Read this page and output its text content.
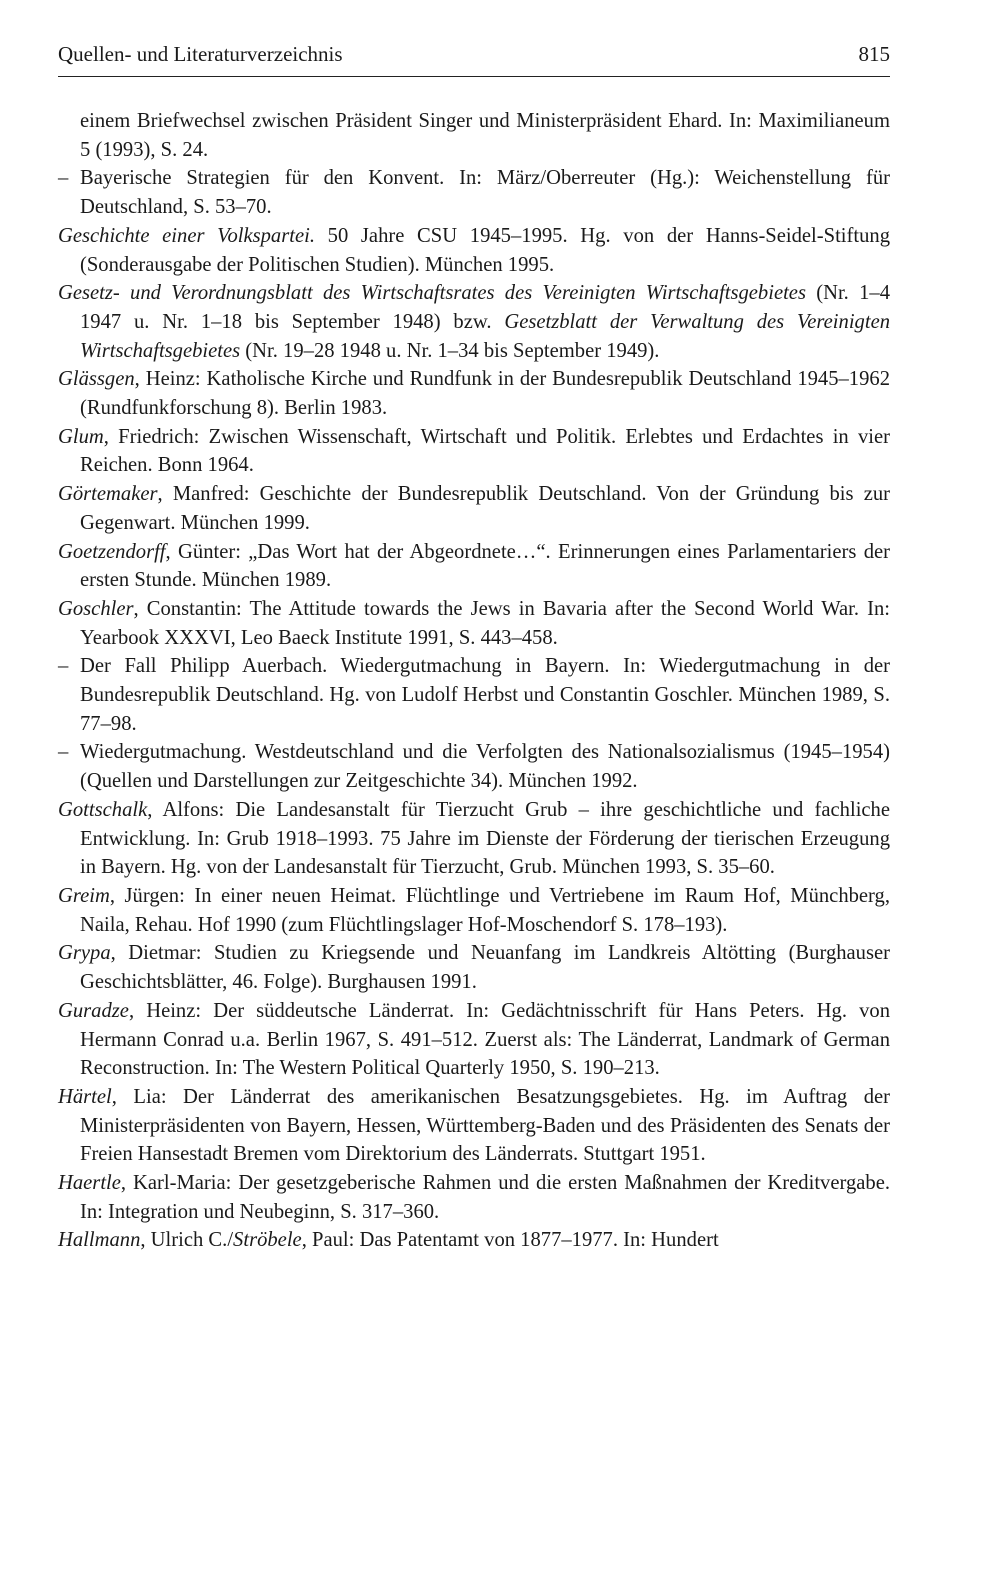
Quellen- und Literaturverzeichnis	815

einem Briefwechsel zwischen Präsident Singer und Ministerpräsident Ehard. In: Maximilianeum 5 (1993), S. 24.

– Bayerische Strategien für den Konvent. In: März/Oberreuter (Hg.): Weichenstellung für Deutschland, S. 53–70.

Geschichte einer Volkspartei. 50 Jahre CSU 1945–1995. Hg. von der Hanns-Seidel-Stiftung (Sonderausgabe der Politischen Studien). München 1995.

Gesetz- und Verordnungsblatt des Wirtschaftsrates des Vereinigten Wirtschaftsgebietes (Nr. 1–4 1947 u. Nr. 1–18 bis September 1948) bzw. Gesetzblatt der Verwaltung des Vereinigten Wirtschaftsgebietes (Nr. 19–28 1948 u. Nr. 1–34 bis September 1949).

Glässgen, Heinz: Katholische Kirche und Rundfunk in der Bundesrepublik Deutschland 1945–1962 (Rundfunkforschung 8). Berlin 1983.

Glum, Friedrich: Zwischen Wissenschaft, Wirtschaft und Politik. Erlebtes und Erdachtes in vier Reichen. Bonn 1964.

Görtemaker, Manfred: Geschichte der Bundesrepublik Deutschland. Von der Gründung bis zur Gegenwart. München 1999.

Goetzendorff, Günter: „Das Wort hat der Abgeordnete…“. Erinnerungen eines Parlamentariers der ersten Stunde. München 1989.

Goschler, Constantin: The Attitude towards the Jews in Bavaria after the Second World War. In: Yearbook XXXVI, Leo Baeck Institute 1991, S. 443–458.

– Der Fall Philipp Auerbach. Wiedergutmachung in Bayern. In: Wiedergutmachung in der Bundesrepublik Deutschland. Hg. von Ludolf Herbst und Constantin Goschler. München 1989, S. 77–98.

– Wiedergutmachung. Westdeutschland und die Verfolgten des Nationalsozialismus (1945–1954) (Quellen und Darstellungen zur Zeitgeschichte 34). München 1992.

Gottschalk, Alfons: Die Landesanstalt für Tierzucht Grub – ihre geschichtliche und fachliche Entwicklung. In: Grub 1918–1993. 75 Jahre im Dienste der Förderung der tierischen Erzeugung in Bayern. Hg. von der Landesanstalt für Tierzucht, Grub. München 1993, S. 35–60.

Greim, Jürgen: In einer neuen Heimat. Flüchtlinge und Vertriebene im Raum Hof, Münchberg, Naila, Rehau. Hof 1990 (zum Flüchtlingslager Hof-Moschendorf S. 178–193).

Grypa, Dietmar: Studien zu Kriegsende und Neuanfang im Landkreis Altötting (Burghauser Geschichtsblätter, 46. Folge). Burghausen 1991.

Guradze, Heinz: Der süddeutsche Länderrat. In: Gedächtnisschrift für Hans Peters. Hg. von Hermann Conrad u.a. Berlin 1967, S. 491–512. Zuerst als: The Länderrat, Landmark of German Reconstruction. In: The Western Political Quarterly 1950, S. 190–213.

Härtel, Lia: Der Länderrat des amerikanischen Besatzungsgebietes. Hg. im Auftrag der Ministerpräsidenten von Bayern, Hessen, Württemberg-Baden und des Präsidenten des Senats der Freien Hansestadt Bremen vom Direktorium des Länderrats. Stuttgart 1951.

Haertle, Karl-Maria: Der gesetzgeberische Rahmen und die ersten Maßnahmen der Kreditvergabe. In: Integration und Neubeginn, S. 317–360.

Hallmann, Ulrich C./Ströbele, Paul: Das Patentamt von 1877–1977. In: Hundert
